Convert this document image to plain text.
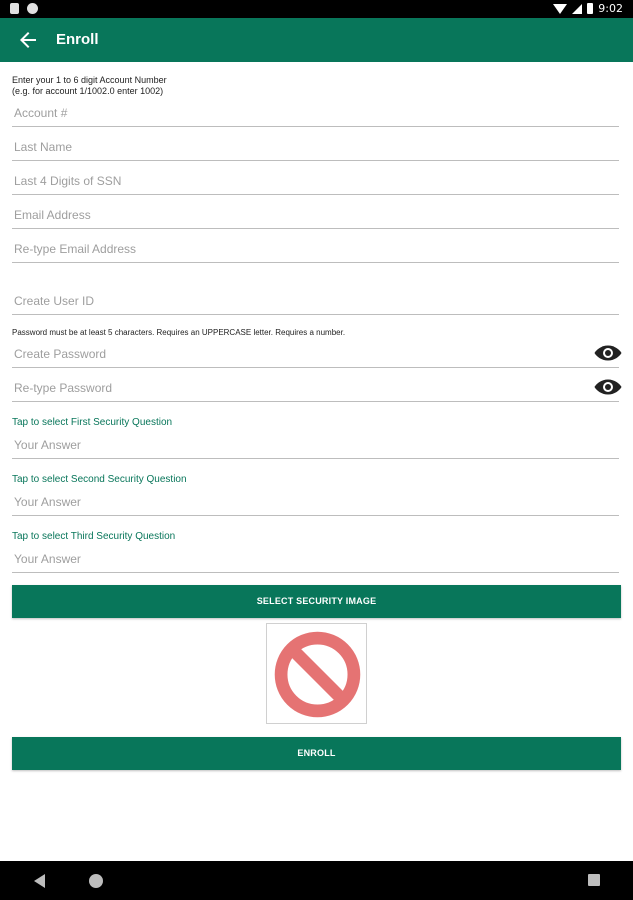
9:02
Enroll
Enter your 1 to 6 digit Account Number
(e.g. for account 1/1002.0 enter 1002)
Account #
Last Name
Last 4 Digits of SSN
Email Address
Re-type Email Address
Create User ID
Password must be at least 5 characters. Requires an UPPERCASE letter. Requires a number.
Tap to select First Security Question
Your Answer
Tap to select Second Security Question
Your Answer
Tap to select Third Security Question
Your Answer
SELECT SECURITY IMAGE
ENROLL
